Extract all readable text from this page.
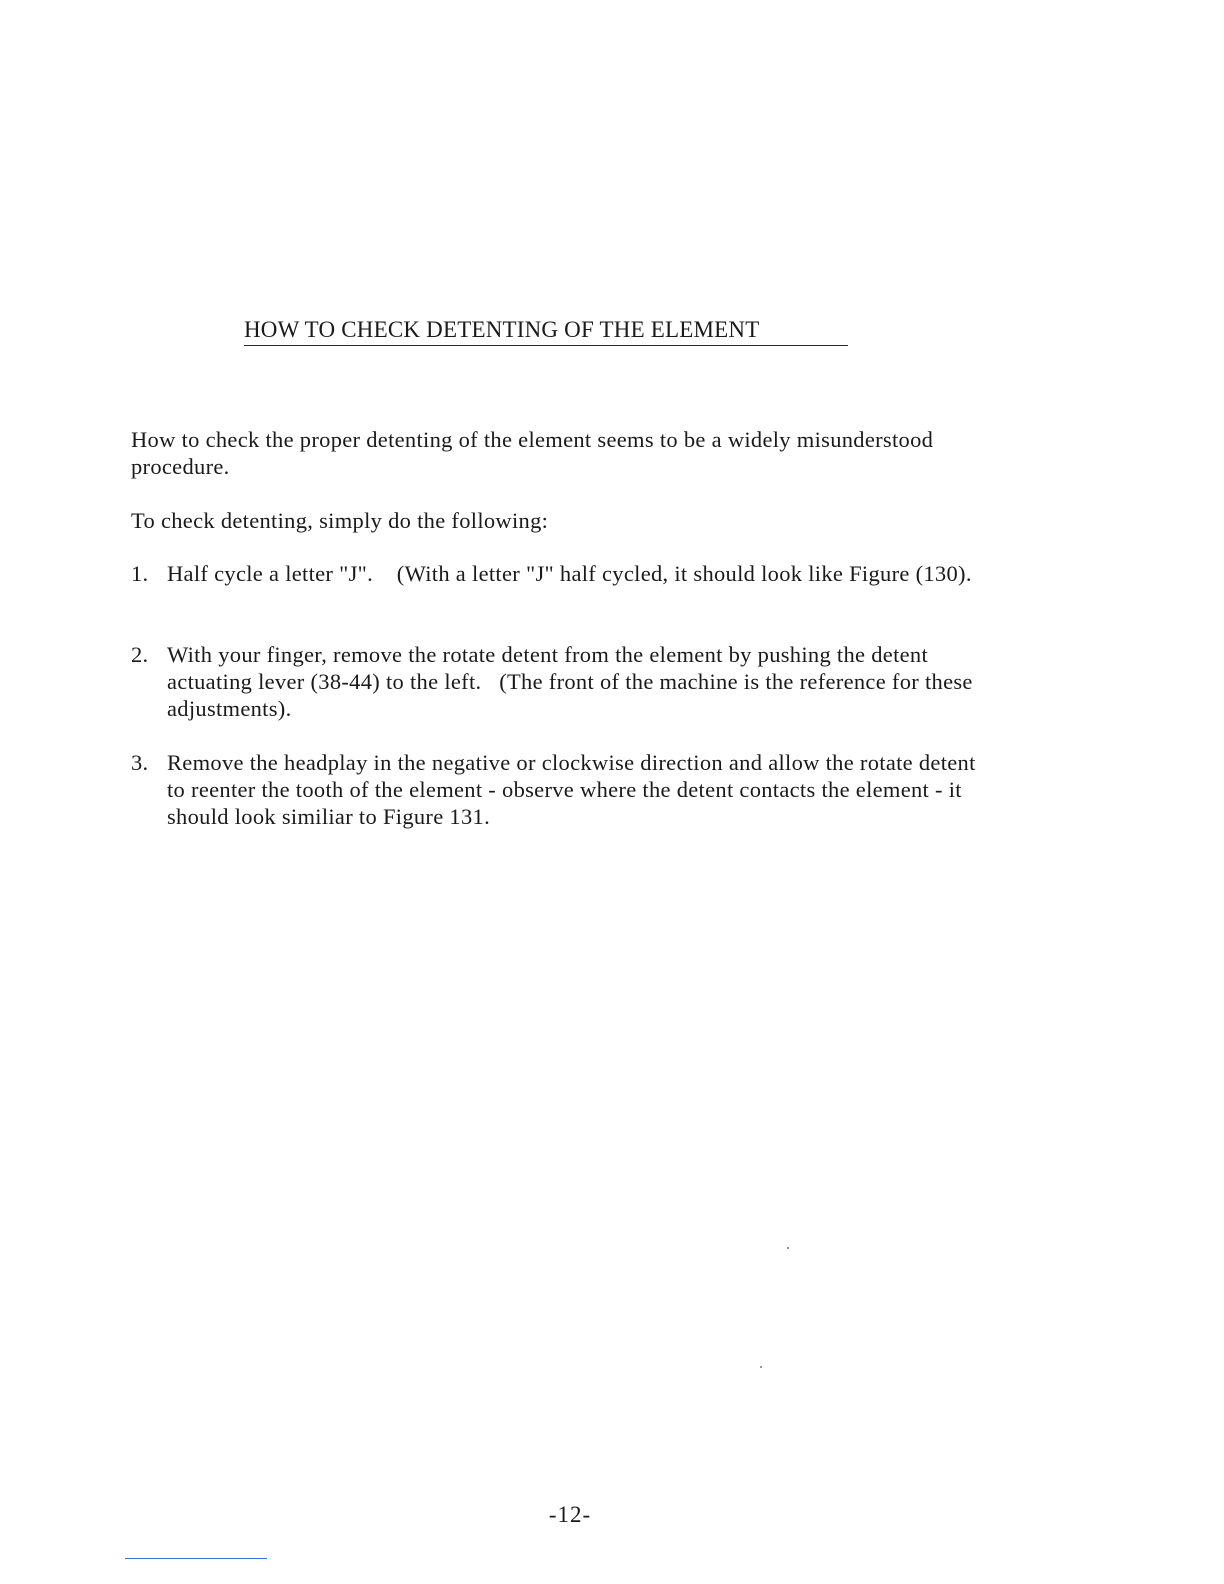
HOW TO CHECK DETENTING OF THE ELEMENT
How to check the proper detenting of the element seems to be a widely misunderstood procedure.
To check detenting, simply do the following:
1. Half cycle a letter "J".    (With a letter "J" half cycled, it should look like Figure (130).
2. With your finger, remove the rotate detent from the element by pushing the detent actuating lever (38-44) to the left.   (The front of the machine is the reference for these adjustments).
3. Remove the headplay in the negative or clockwise direction and allow the rotate detent to reenter the tooth of the element - observe where the detent contacts the element - it should look similiar to Figure 131.
-12-
